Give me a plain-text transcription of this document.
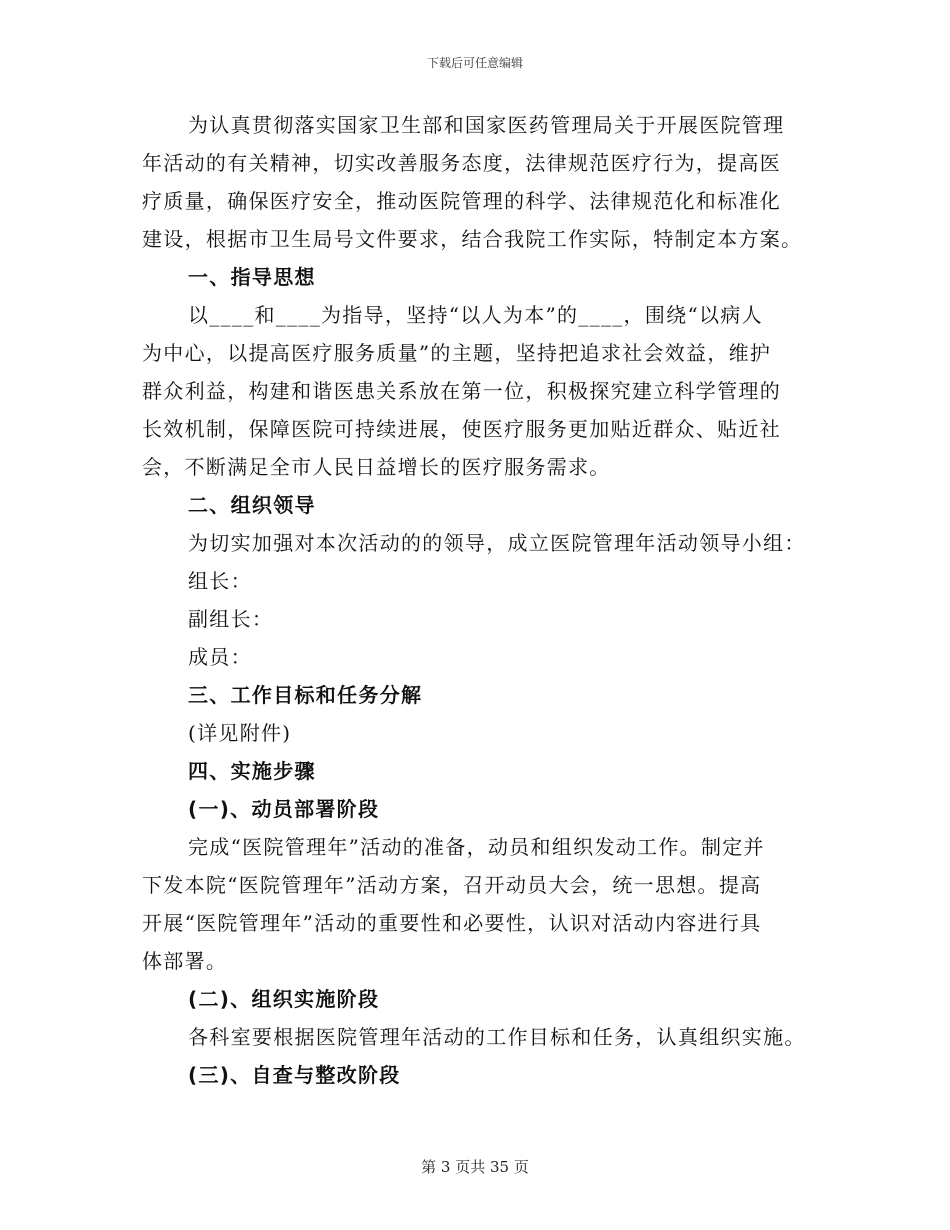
下载后可任意编辑
为认真贯彻落实国家卫生部和国家医药管理局关于开展医院管理
年活动的有关精神，切实改善服务态度，法律规范医疗行为，提高医
疗质量，确保医疗安全，推动医院管理的科学、法律规范化和标准化
建设，根据市卫生局号文件要求，结合我院工作实际，特制定本方案。
一、指导思想
以____和____为指导，坚持“以人为本”的____，围绕“以病人
为中心，以提高医疗服务质量”的主题，坚持把追求社会效益，维护
群众利益，构建和谐医患关系放在第一位，积极探究建立科学管理的
长效机制，保障医院可持续进展，使医疗服务更加贴近群众、贴近社
会，不断满足全市人民日益增长的医疗服务需求。
二、组织领导
为切实加强对本次活动的的领导，成立医院管理年活动领导小组：
组长：
副组长：
成员：
三、工作目标和任务分解
(详见附件)
四、实施步骤
(一)、动员部署阶段
完成“医院管理年”活动的准备，动员和组织发动工作。制定并
下发本院“医院管理年”活动方案，召开动员大会，统一思想。提高
开展“医院管理年”活动的重要性和必要性，认识对活动内容进行具
体部署。
(二)、组织实施阶段
各科室要根据医院管理年活动的工作目标和任务，认真组织实施。
(三)、自查与整改阶段
第 3 页共 35 页
